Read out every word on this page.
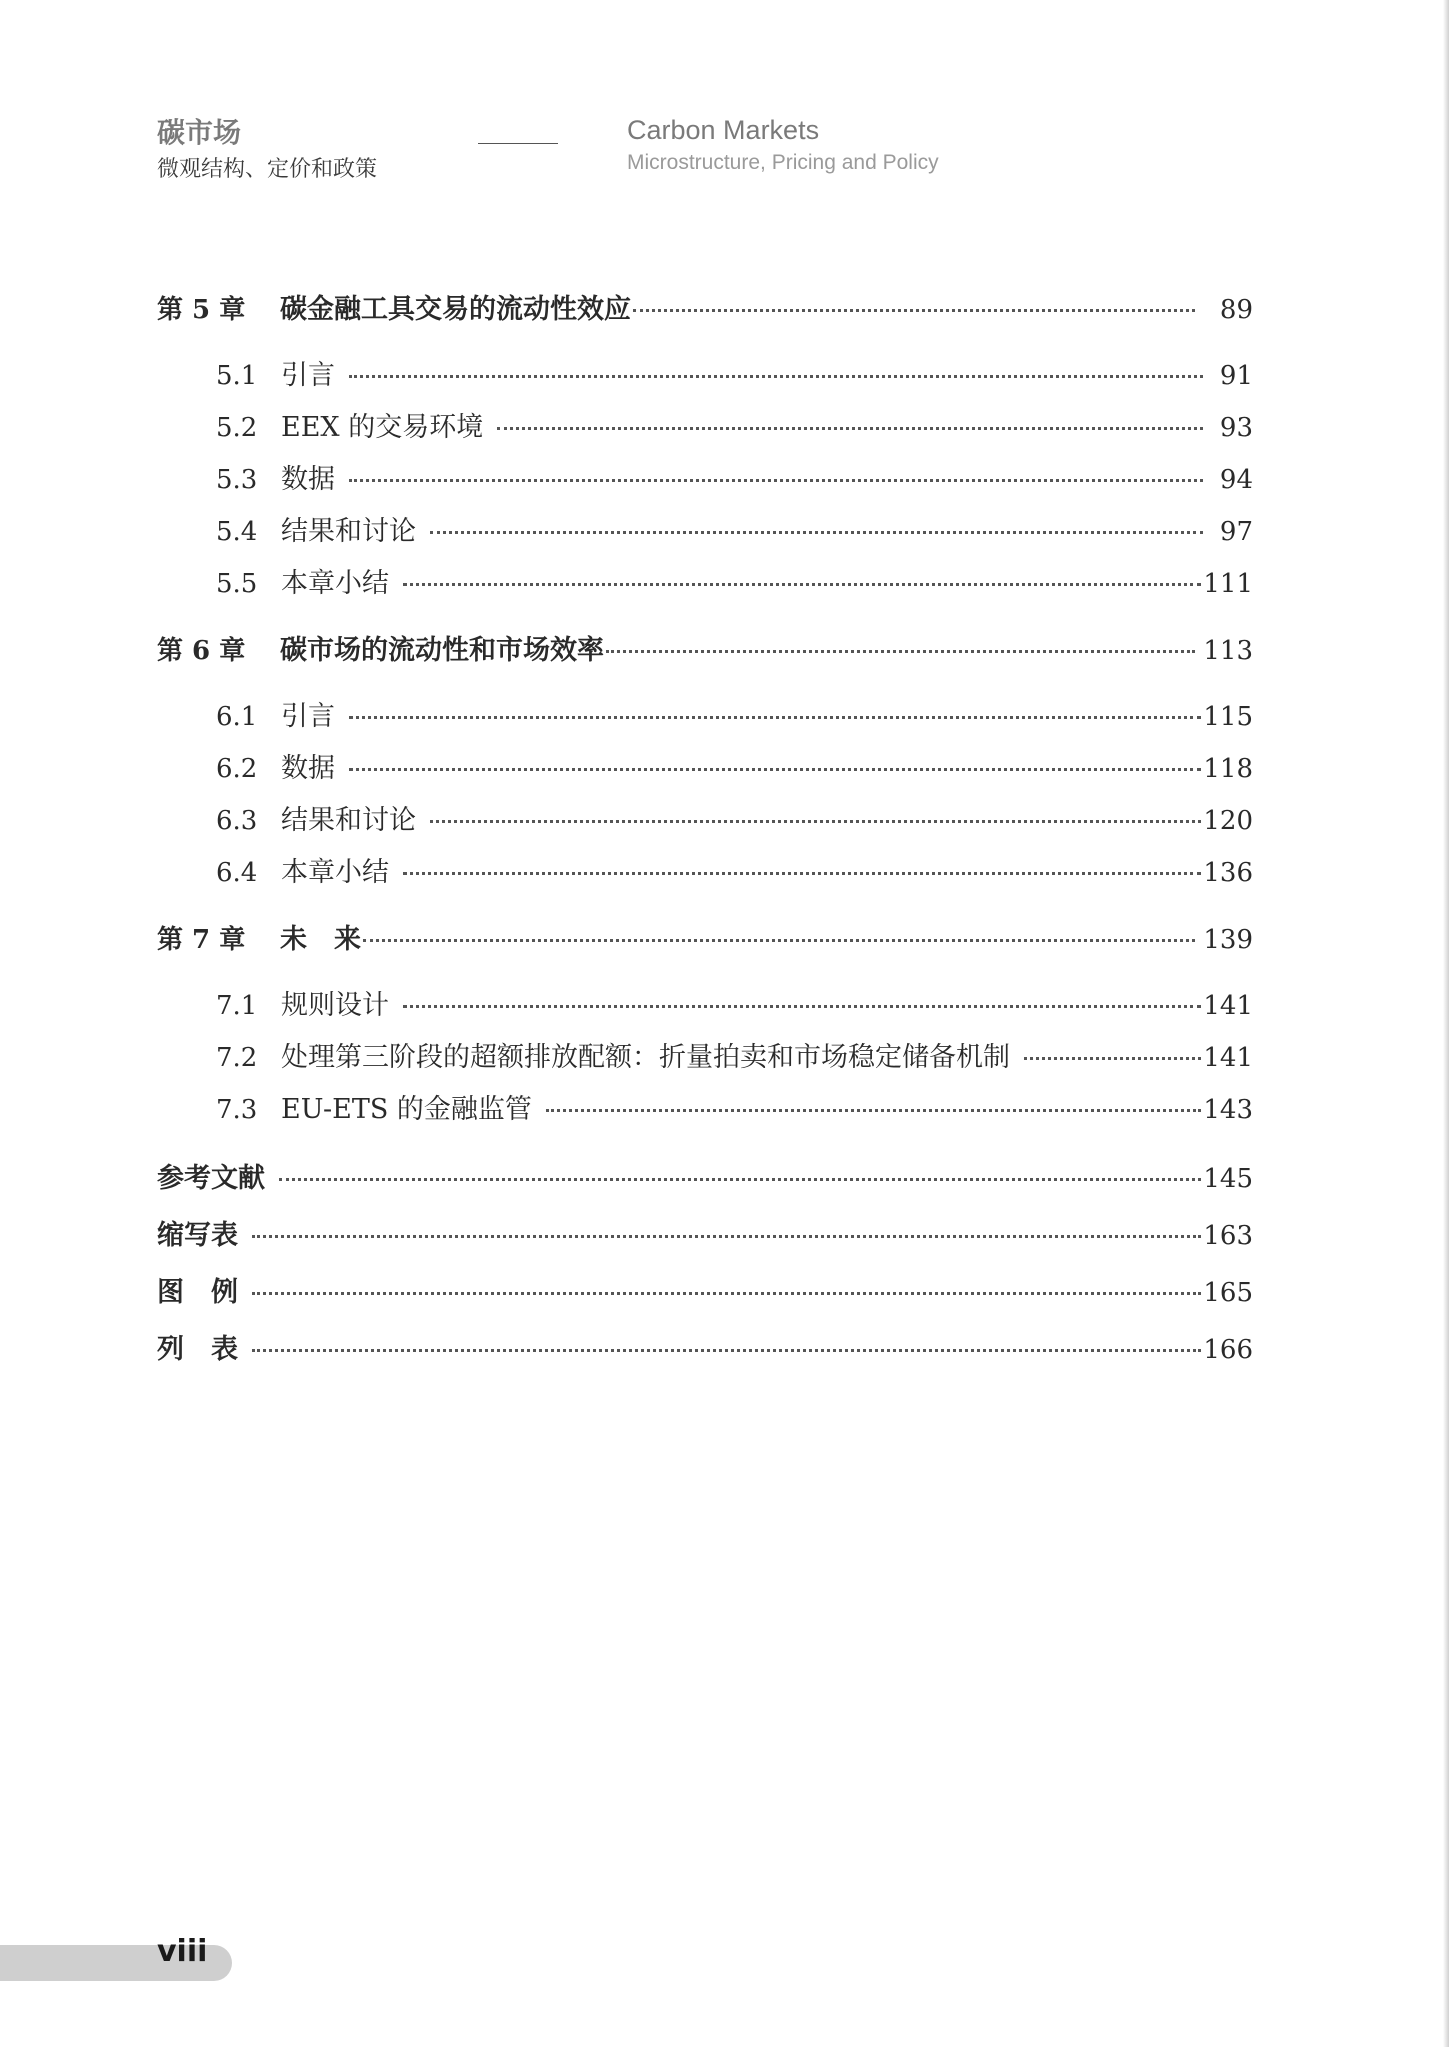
碳市场
微观结构、定价和政策
Carbon Markets
Microstructure, Pricing and Policy
第 5 章	碳金融工具交易的流动性效应	89
5.1 引言	91
5.2 EEX 的交易环境	93
5.3 数据	94
5.4 结果和讨论	97
5.5 本章小结	111
第 6 章	碳市场的流动性和市场效率	113
6.1 引言	115
6.2 数据	118
6.3 结果和讨论	120
6.4 本章小结	136
第 7 章	未　来	139
7.1 规则设计	141
7.2 处理第三阶段的超额排放配额：折量拍卖和市场稳定储备机制	141
7.3 EU-ETS 的金融监管	143
参考文献	145
缩写表	163
图　例	165
列　表	166
viii
